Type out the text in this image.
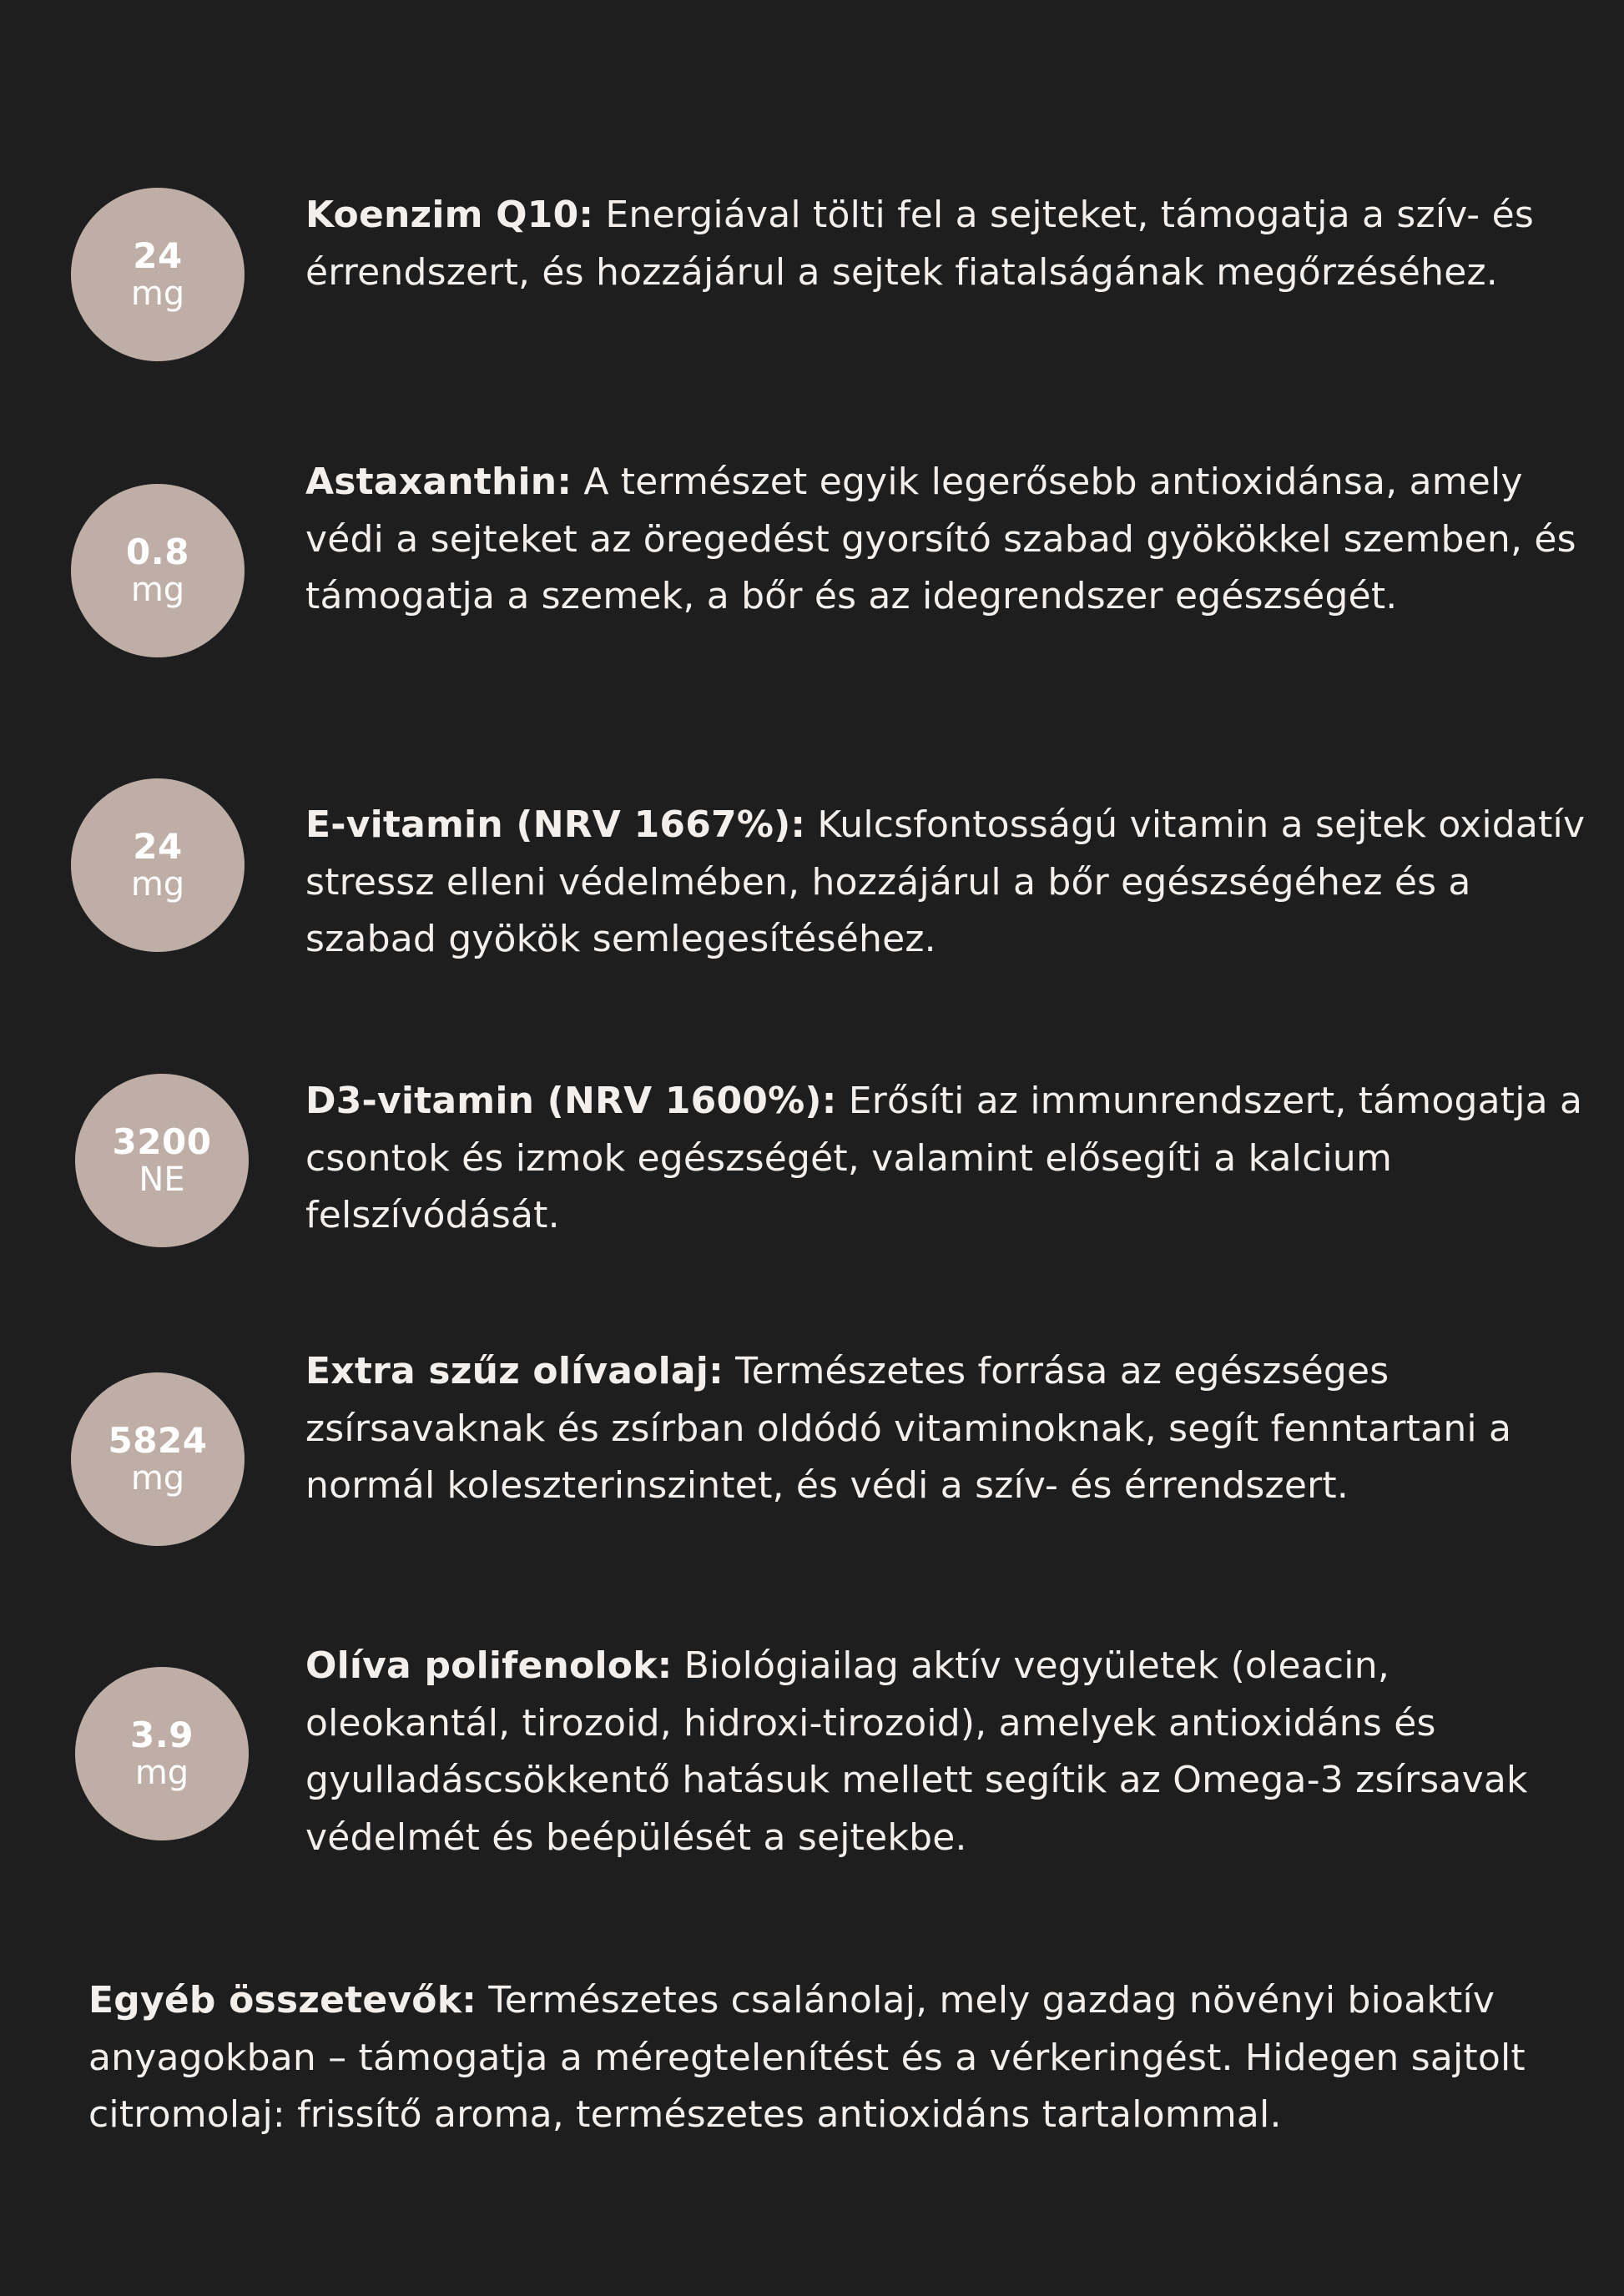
24
mg

Koenzim Q10: Energiával tölti fel a sejteket, támogatja a szív- és érrendszert, és hozzájárul a sejtek fiatalságának megőrzéséhez.

0.8
mg

Astaxanthin: A természet egyik legerősebb antioxidánsa, amely védi a sejteket az öregedést gyorsító szabad gyökökkel szemben, és támogatja a szemek, a bőr és az idegrendszer egészségét.

24
mg

E-vitamin (NRV 1667%): Kulcsfontosságú vitamin a sejtek oxidatív stressz elleni védelmében, hozzájárul a bőr egészségéhez és a szabad gyökök semlegesítéséhez.

3200
NE

D3-vitamin (NRV 1600%): Erősíti az immunrendszert, támogatja a csontok és izmok egészségét, valamint elősegíti a kalcium felszívódását.

5824
mg

Extra szűz olívaolaj: Természetes forrása az egészséges zsírsavaknak és zsírban oldódó vitaminoknak, segít fenntartani a normál koleszterinszintet, és védi a szív- és érrendszert.

3.9
mg

Olíva polifenolok: Biológiailag aktív vegyületek (oleacin, oleokantál, tirozoid, hidroxi-tirozoid), amelyek antioxidáns és gyulladáscsökkentő hatásuk mellett segítik az Omega-3 zsírsavak védelmét és beépülését a sejtekbe.

Egyéb összetevők: Természetes csalánolaj, mely gazdag növényi bioaktív anyagokban – támogatja a méregtelenítést és a vérkeringést. Hidegen sajtolt citromolaj: frissítő aroma, természetes antioxidáns tartalommal.
